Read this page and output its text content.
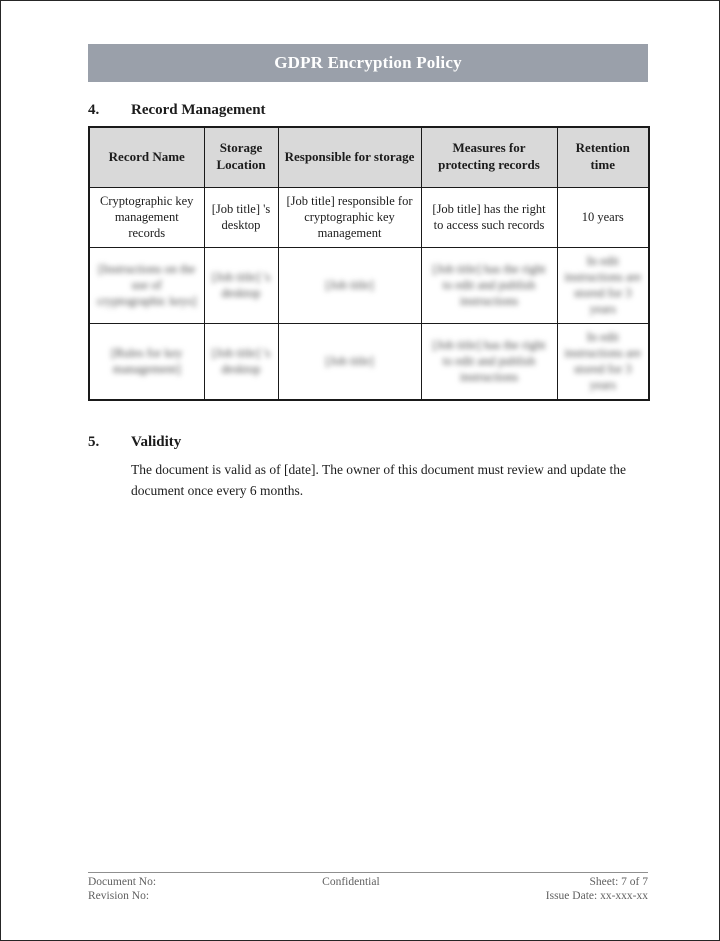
GDPR Encryption Policy
4.	Record Management
Record Name	Storage Location	Responsible for storage	Measures for protecting records	Retention time
Cryptographic key management records	[Job title] 's desktop	[Job title] responsible for cryptographic key management	[Job title] has the right to access such records	10 years
[Instructions on the use of cryptographic keys]	[Job title] 's desktop	[Job title]	[Job title] has the right to edit and publish instructions	In edit instructions are stored for 3 years
[Rules for key management]	[Job title] 's desktop	[Job title]	[Job title] has the right to edit and publish instructions	In edit instructions are stored for 3 years
5.	Validity

The document is valid as of [date]. The owner of this document must review and update the document once every 6 months.

Document No:
Revision No:
Confidential	Sheet: 7 of 7
Issue Date: xx-xxx-xx
